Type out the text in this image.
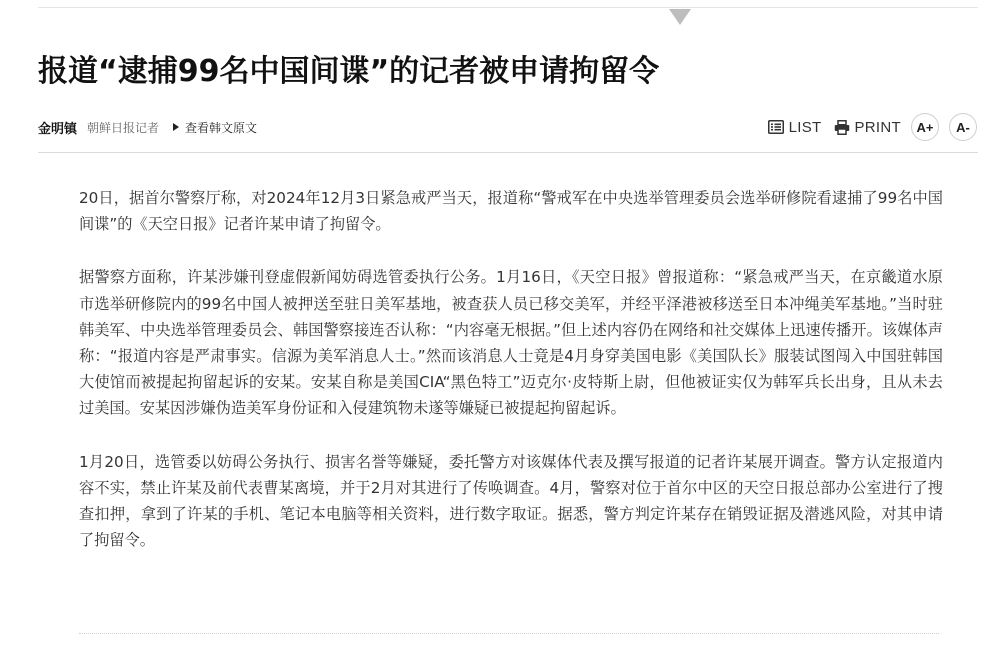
报道“逮捕99名中国间谍”的记者被申请拘留令
金明镇 朝鲜日报记者 查看韩文原文	LIST PRINT	A+	A-

20日，据首尔警察厅称，对2024年12月3日紧急戒严当天，报道称“警戒军在中央选举管理委员会选举研修院看逮捕了99名中国间谍”的《天空日报》记者许某申请了拘留令。

据警察方面称，许某涉嫌刊登虚假新闻妨碍选管委执行公务。1月16日，《天空日报》曾报道称：“紧急戒严当天，在京畿道水原市选举研修院内的99名中国人被押送至驻日美军基地，被查获人员已移交美军，并经平泽港被移送至日本冲绳美军基地。”当时驻韩美军、中央选举管理委员会、韩国警察接连否认称：“内容毫无根据。”但上述内容仍在网络和社交媒体上迅速传播开。该媒体声称：“报道内容是严肃事实。信源为美军消息人士。”然而该消息人士竟是4月身穿美国电影《美国队长》服装试图闯入中国驻韩国大使馆而被提起拘留起诉的安某。安某自称是美国CIA“黑色特工”迈克尔·皮特斯上尉，但他被证实仅为韩军兵长出身，且从未去过美国。安某因涉嫌伪造美军身份证和入侵建筑物未遂等嫌疑已被提起拘留起诉。

1月20日，选管委以妨碍公务执行、损害名誉等嫌疑，委托警方对该媒体代表及撰写报道的记者许某展开调查。警方认定报道内容不实，禁止许某及前代表曹某离境，并于2月对其进行了传唤调查。4月，警察对位于首尔中区的天空日报总部办公室进行了搜查扣押，拿到了许某的手机、笔记本电脑等相关资料，进行数字取证。据悉，警方判定许某存在销毁证据及潜逃风险，对其申请了拘留令。
